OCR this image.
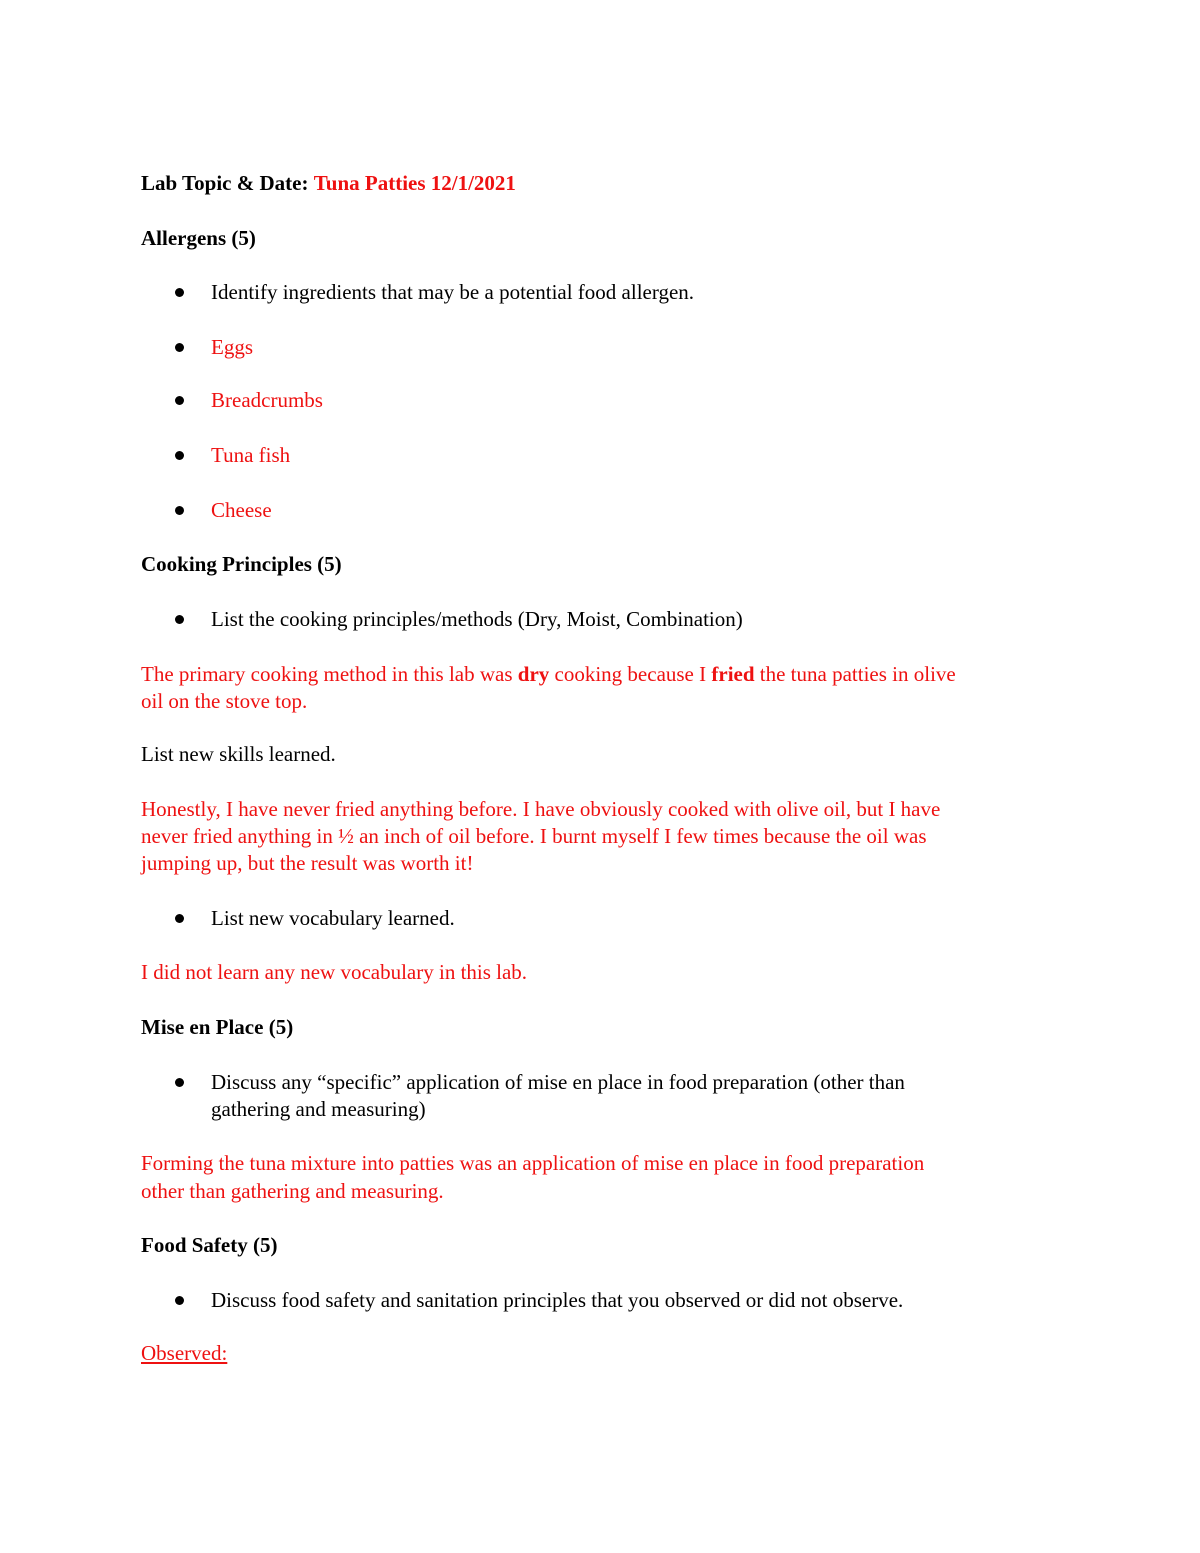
Lab Topic & Date: Tuna Patties 12/1/2021
Allergens (5)
Identify ingredients that may be a potential food allergen.
Eggs
Breadcrumbs
Tuna fish
Cheese
Cooking Principles (5)
List the cooking principles/methods (Dry, Moist, Combination)
The primary cooking method in this lab was dry cooking because I fried the tuna patties in olive
oil on the stove top.
List new skills learned.
Honestly, I have never fried anything before. I have obviously cooked with olive oil, but I have
never fried anything in ½ an inch of oil before. I burnt myself I few times because the oil was
jumping up, but the result was worth it!
List new vocabulary learned.
I did not learn any new vocabulary in this lab.
Mise en Place (5)
Discuss any “specific” application of mise en place in food preparation (other than
gathering and measuring)
Forming the tuna mixture into patties was an application of mise en place in food preparation
other than gathering and measuring.
Food Safety (5)
Discuss food safety and sanitation principles that you observed or did not observe.
Observed:
